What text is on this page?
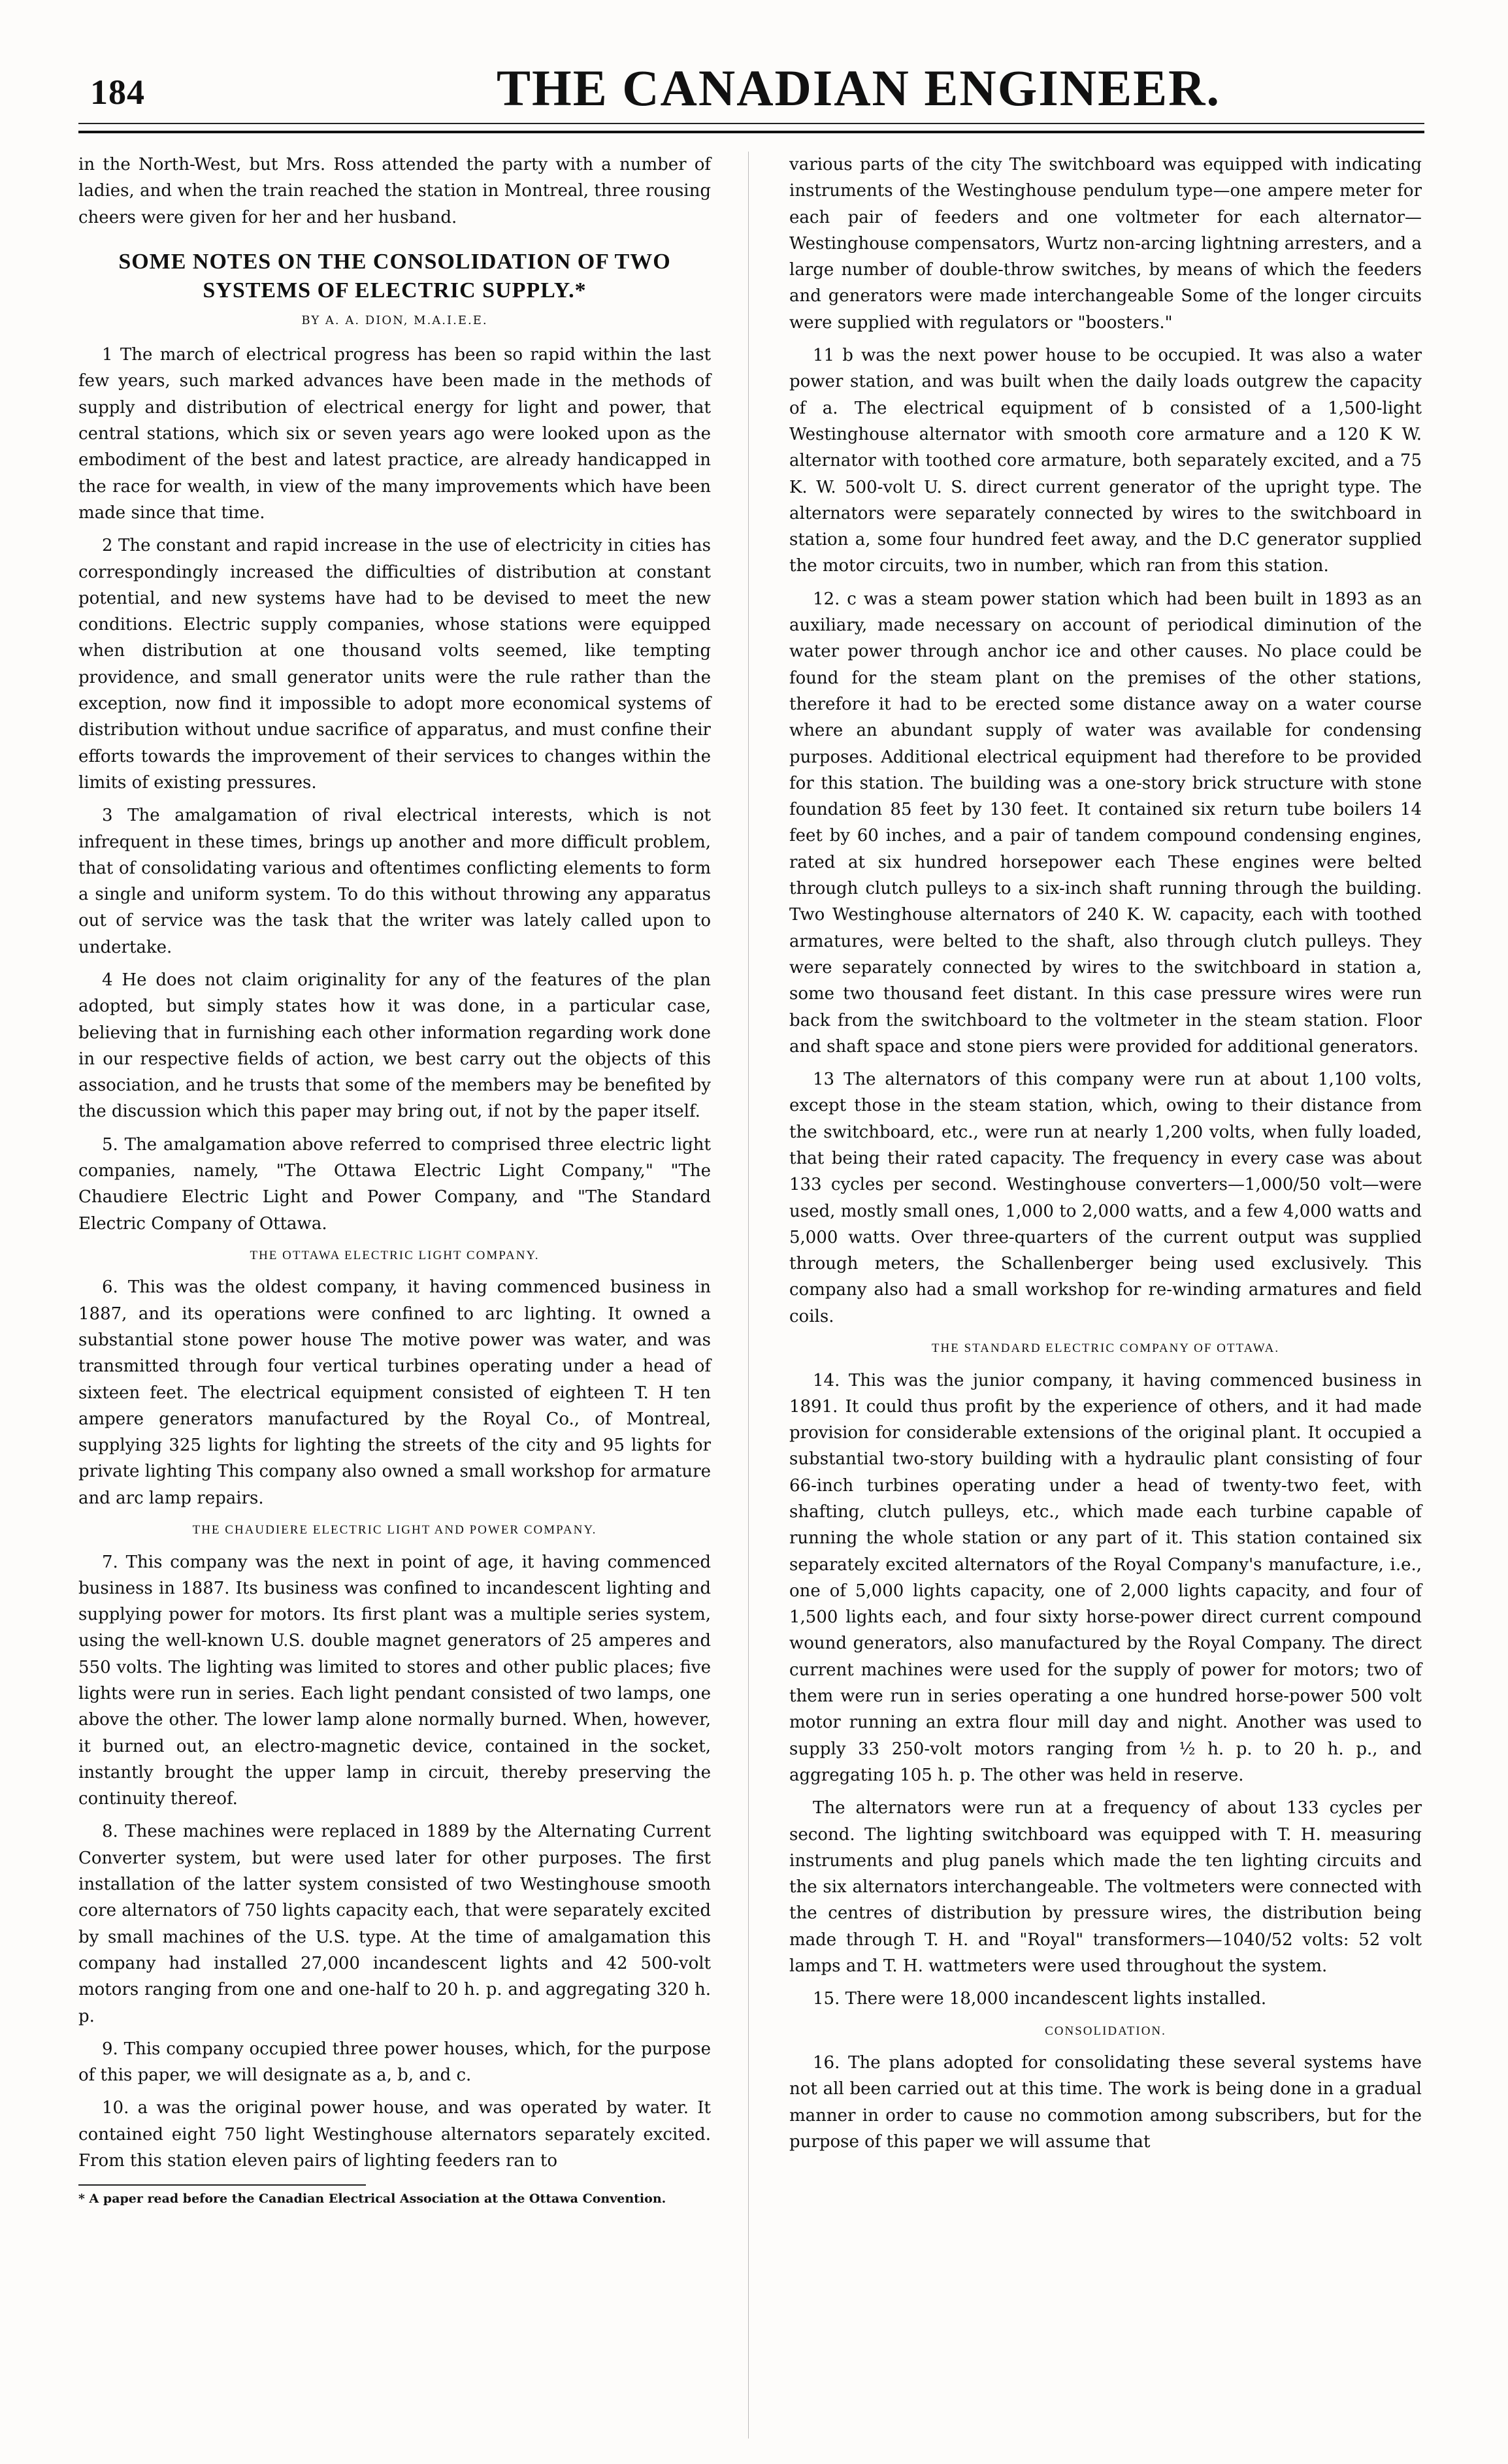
184	THE CANADIAN ENGINEER.

in the North-West, but Mrs. Ross attended the party with a number of ladies, and when the train reached the station in Montreal, three rousing cheers were given for her and her husband.

SOME NOTES ON THE CONSOLIDATION OF TWO SYSTEMS OF ELECTRIC SUPPLY.*
BY A. A. DION, M.A.I.E.E.

1 The march of electrical progress has been so rapid within the last few years, such marked advances have been made in the methods of supply and distribution of electrical energy for light and power, that central stations, which six or seven years ago were looked upon as the embodiment of the best and latest practice, are already handicapped in the race for wealth, in view of the many improvements which have been made since that time.

2 The constant and rapid increase in the use of electricity in cities has correspondingly increased the difficulties of distribution at constant potential, and new systems have had to be devised to meet the new conditions. Electric supply companies, whose stations were equipped when distribution at one thousand volts seemed, like tempting providence, and small generator units were the rule rather than the exception, now find it impossible to adopt more economical systems of distribution without undue sacrifice of apparatus, and must confine their efforts towards the improvement of their services to changes within the limits of existing pressures.

3 The amalgamation of rival electrical interests, which is not infrequent in these times, brings up another and more difficult problem, that of consolidating various and oftentimes conflicting elements to form a single and uniform system. To do this without throwing any apparatus out of service was the task that the writer was lately called upon to undertake.

4 He does not claim originality for any of the features of the plan adopted, but simply states how it was done, in a particular case, believing that in furnishing each other information regarding work done in our respective fields of action, we best carry out the objects of this association, and he trusts that some of the members may be benefited by the discussion which this paper may bring out, if not by the paper itself.

5. The amalgamation above referred to comprised three electric light companies, namely, "The Ottawa Electric Light Company," "The Chaudiere Electric Light and Power Company, and "The Standard Electric Company of Ottawa.

THE OTTAWA ELECTRIC LIGHT COMPANY.

6. This was the oldest company, it having commenced business in 1887, and its operations were confined to arc lighting. It owned a substantial stone power house The motive power was water, and was transmitted through four vertical turbines operating under a head of sixteen feet. The electrical equipment consisted of eighteen T. H ten ampere generators manufactured by the Royal Co., of Montreal, supplying 325 lights for lighting the streets of the city and 95 lights for private lighting This company also owned a small workshop for armature and arc lamp repairs.

THE CHAUDIERE ELECTRIC LIGHT AND POWER COMPANY.

7. This company was the next in point of age, it having commenced business in 1887. Its business was confined to incandescent lighting and supplying power for motors. Its first plant was a multiple series system, using the well-known U.S. double magnet generators of 25 amperes and 550 volts. The lighting was limited to stores and other public places; five lights were run in series. Each light pendant consisted of two lamps, one above the other. The lower lamp alone normally burned. When, however, it burned out, an electro-magnetic device, contained in the socket, instantly brought the upper lamp in circuit, thereby preserving the continuity thereof.

8. These machines were replaced in 1889 by the Alternating Current Converter system, but were used later for other purposes. The first installation of the latter system consisted of two Westinghouse smooth core alternators of 750 lights capacity each, that were separately excited by small machines of the U.S. type. At the time of amalgamation this company had installed 27,000 incandescent lights and 42 500-volt motors ranging from one and one-half to 20 h. p. and aggregating 320 h. p.

9. This company occupied three power houses, which, for the purpose of this paper, we will designate as a, b, and c.

10. a was the original power house, and was operated by water. It contained eight 750 light Westinghouse alternators separately excited. From this station eleven pairs of lighting feeders ran to

* A paper read before the Canadian Electrical Association at the Ottawa Convention.

various parts of the city The switchboard was equipped with indicating instruments of the Westinghouse pendulum type—one ampere meter for each pair of feeders and one voltmeter for each alternator—Westinghouse compensators, Wurtz non-arcing lightning arresters, and a large number of double-throw switches, by means of which the feeders and generators were made interchangeable Some of the longer circuits were supplied with regulators or "boosters."

11 b was the next power house to be occupied. It was also a water power station, and was built when the daily loads outgrew the capacity of a. The electrical equipment of b consisted of a 1,500-light Westinghouse alternator with smooth core armature and a 120 K W. alternator with toothed core armature, both separately excited, and a 75 K. W. 500-volt U. S. direct current generator of the upright type. The alternators were separately connected by wires to the switchboard in station a, some four hundred feet away, and the D.C generator supplied the motor circuits, two in number, which ran from this station.

12. c was a steam power station which had been built in 1893 as an auxiliary, made necessary on account of periodical diminution of the water power through anchor ice and other causes. No place could be found for the steam plant on the premises of the other stations, therefore it had to be erected some distance away on a water course where an abundant supply of water was available for condensing purposes. Additional electrical equipment had therefore to be provided for this station. The building was a one-story brick structure with stone foundation 85 feet by 130 feet. It contained six return tube boilers 14 feet by 60 inches, and a pair of tandem compound condensing engines, rated at six hundred horsepower each These engines were belted through clutch pulleys to a six-inch shaft running through the building. Two Westinghouse alternators of 240 K. W. capacity, each with toothed armatures, were belted to the shaft, also through clutch pulleys. They were separately connected by wires to the switchboard in station a, some two thousand feet distant. In this case pressure wires were run back from the switchboard to the voltmeter in the steam station. Floor and shaft space and stone piers were provided for additional generators.

13 The alternators of this company were run at about 1,100 volts, except those in the steam station, which, owing to their distance from the switchboard, etc., were run at nearly 1,200 volts, when fully loaded, that being their rated capacity. The frequency in every case was about 133 cycles per second. Westinghouse converters—1,000/50 volt—were used, mostly small ones, 1,000 to 2,000 watts, and a few 4,000 watts and 5,000 watts. Over three-quarters of the current output was supplied through meters, the Schallenberger being used exclusively. This company also had a small workshop for re-winding armatures and field coils.

THE STANDARD ELECTRIC COMPANY OF OTTAWA.

14. This was the junior company, it having commenced business in 1891. It could thus profit by the experience of others, and it had made provision for considerable extensions of the original plant. It occupied a substantial two-story building with a hydraulic plant consisting of four 66-inch turbines operating under a head of twenty-two feet, with shafting, clutch pulleys, etc., which made each turbine capable of running the whole station or any part of it. This station contained six separately excited alternators of the Royal Company's manufacture, i.e., one of 5,000 lights capacity, one of 2,000 lights capacity, and four of 1,500 lights each, and four sixty horse-power direct current compound wound generators, also manufactured by the Royal Company. The direct current machines were used for the supply of power for motors; two of them were run in series operating a one hundred horse-power 500 volt motor running an extra flour mill day and night. Another was used to supply 33 250-volt motors ranging from ½ h. p. to 20 h. p., and aggregating 105 h. p. The other was held in reserve.

The alternators were run at a frequency of about 133 cycles per second. The lighting switchboard was equipped with T. H. measuring instruments and plug panels which made the ten lighting circuits and the six alternators interchangeable. The voltmeters were connected with the centres of distribution by pressure wires, the distribution being made through T. H. and "Royal" transformers—1040/52 volts: 52 volt lamps and T. H. wattmeters were used throughout the system.

15. There were 18,000 incandescent lights installed.

CONSOLIDATION.

16. The plans adopted for consolidating these several systems have not all been carried out at this time. The work is being done in a gradual manner in order to cause no commotion among subscribers, but for the purpose of this paper we will assume that
